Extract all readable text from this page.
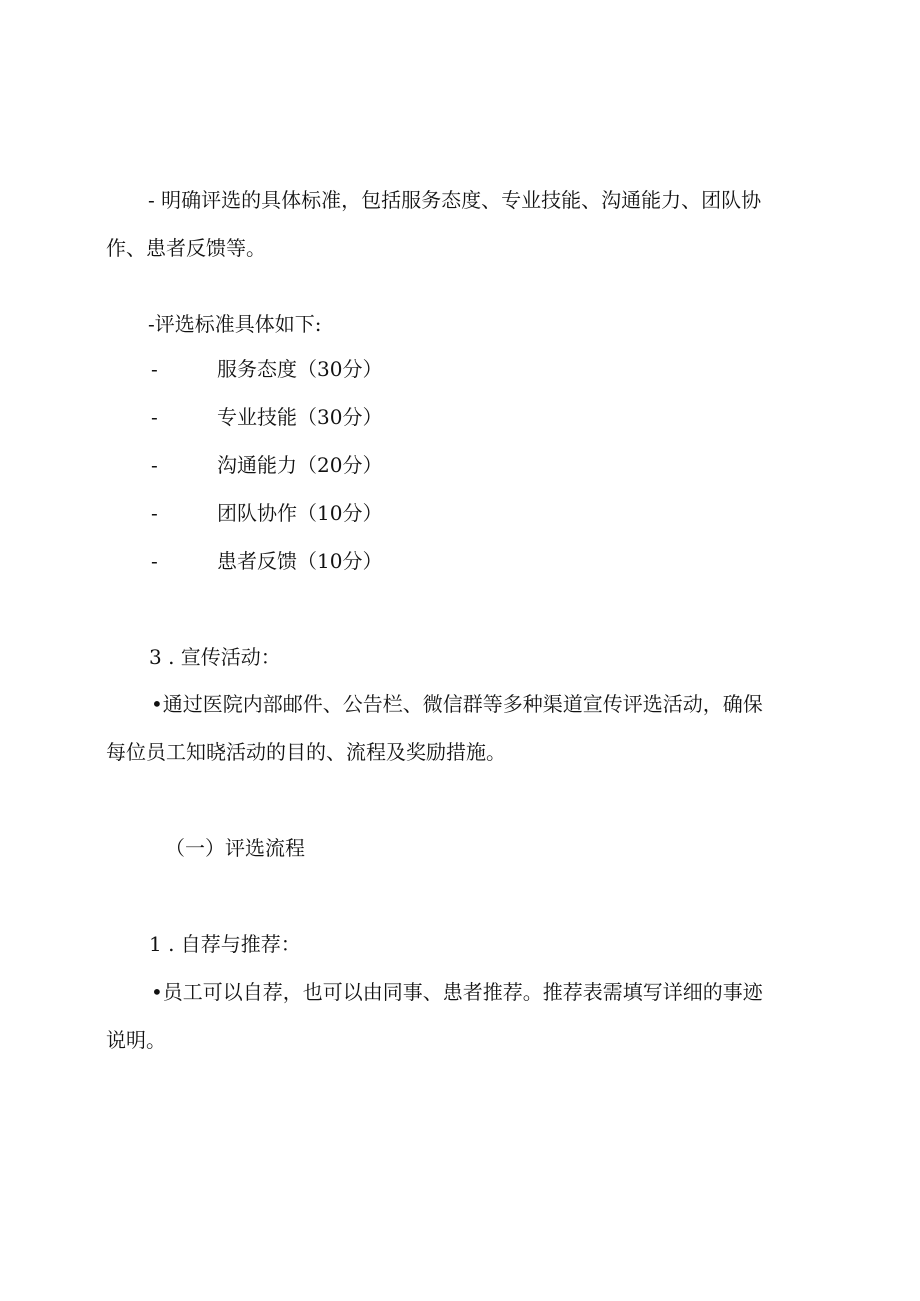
- 明确评选的具体标准，包括服务态度、专业技能、沟通能力、团队协
作、患者反馈等。
-评选标准具体如下:
-	服务态度（30分）
-	专业技能（30分）
-	沟通能力（20分）
-	团队协作（10分）
-	患者反馈（10分）
3 . 宣传活动：
•通过医院内部邮件、公告栏、微信群等多种渠道宣传评选活动，确保
每位员工知晓活动的目的、流程及奖励措施。
（一）评选流程
1 . 自荐与推荐：
•员工可以自荐，也可以由同事、患者推荐。推荐表需填写详细的事迹
说明。
